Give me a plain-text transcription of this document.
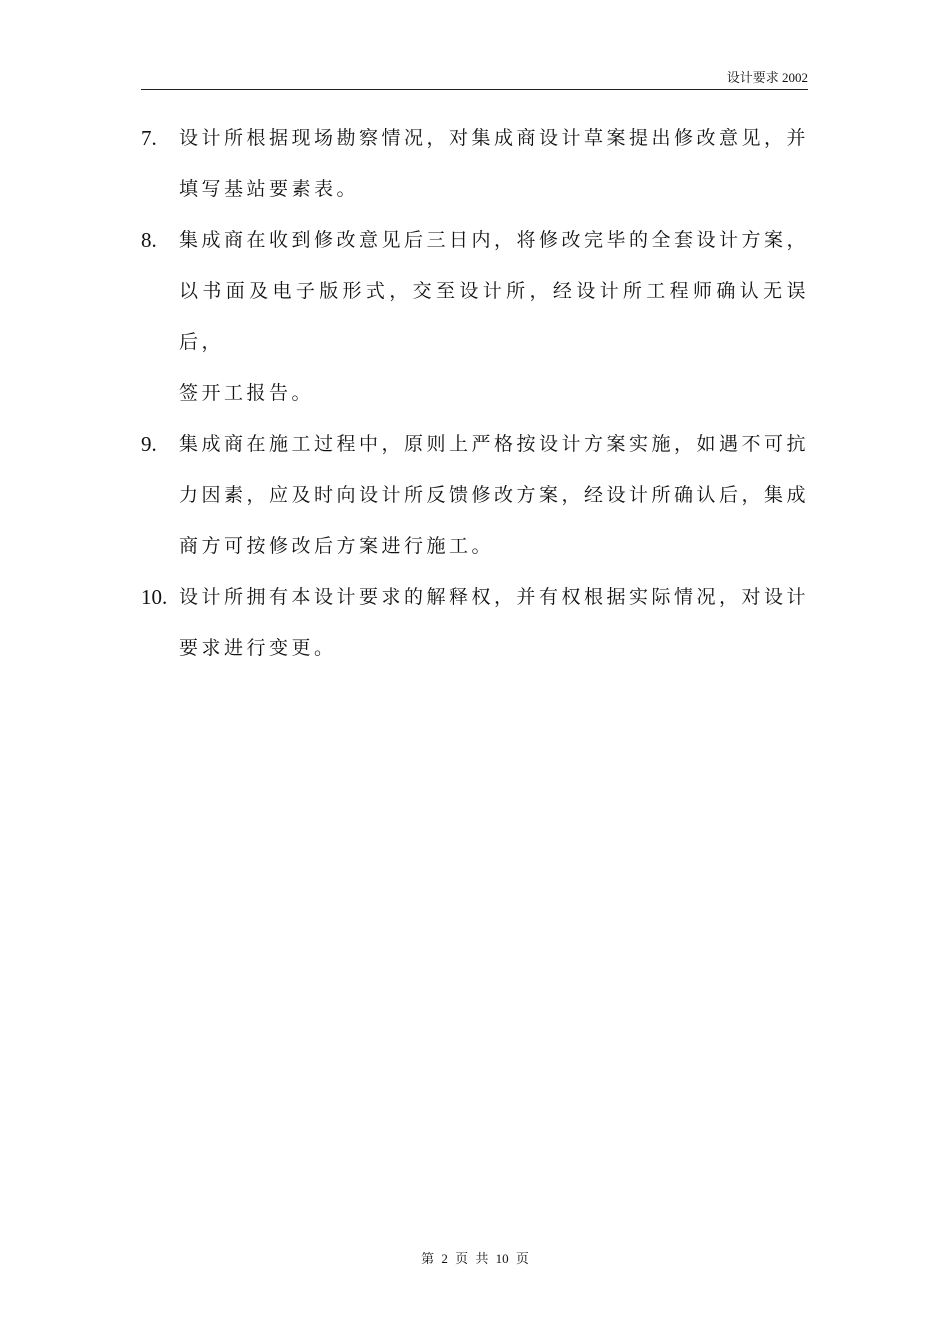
设计要求 2002
7. 设计所根据现场勘察情况，对集成商设计草案提出修改意见，并
填写基站要素表。
8. 集成商在收到修改意见后三日内，将修改完毕的全套设计方案，
以书面及电子版形式，交至设计所，经设计所工程师确认无误后，
签开工报告。
9. 集成商在施工过程中，原则上严格按设计方案实施，如遇不可抗
力因素，应及时向设计所反馈修改方案，经设计所确认后，集成
商方可按修改后方案进行施工。
10. 设计所拥有本设计要求的解释权，并有权根据实际情况，对设计
要求进行变更。
第 2 页 共 10 页
